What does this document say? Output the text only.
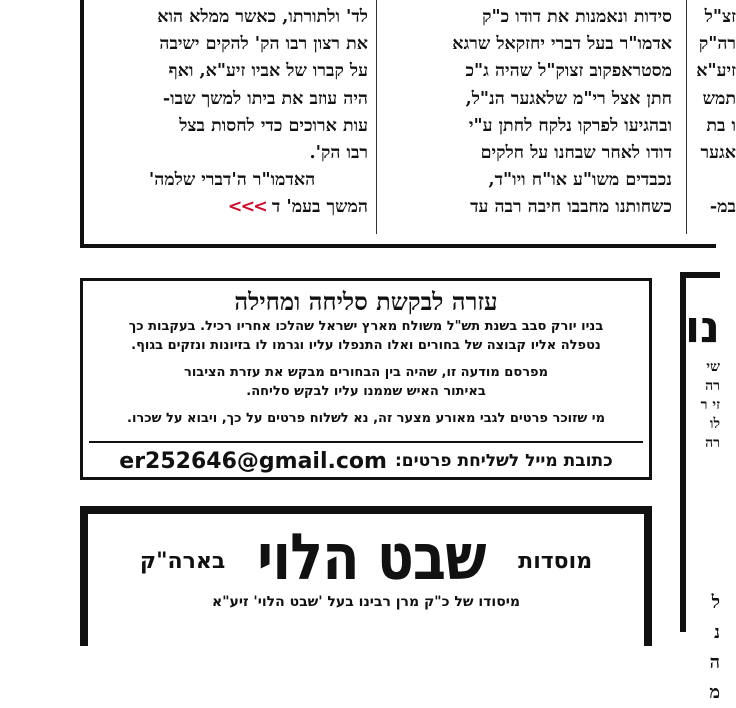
לד' ולתורתו, כאשר ממלא הוא

את רצון רבו הק' להקים ישיבה

על קברו של אביו זיע"א, ואף

היה עוזב את ביתו למשך שבו-

עות ארוכים כדי לחסות בצל

רבו הק'.

האדמו"ר ה'דברי שלמה'

המשך בעמ' ד >>>

סידות ונאמנות את דודו כ"ק

אדמו"ר בעל דברי יחזקאל שרגא

מסטראפקוב זצוק"ל שהיה ג"כ

חתן אצל רי"מ שלאגער הנ"ל,

ובהגיעו לפרקו נלקח לחתן ע"י

דודו לאחר שבחנו על חלקים

נכבדים משו"ע או"ח ויו"ד,

כשחותנו מחבבו חיבה רבה עד

זצ"ל

רה"ק

זיע"א

תמש

ו בת

אגער

במ-

עזרה לבקשת סליחה ומחילה
בניו יורק סבב בשנת תש"ל משולח מארץ ישראל שהלכו אחריו רכיל. בעקבות כך
נטפלה אליו קבוצה של בחורים ואלו התנפלו עליו וגרמו לו בזיונות ונזקים בגוף.
מפרסם מודעה זו, שהיה בין הבחורים מבקש את עזרת הציבור
באיתור האיש שממנו עליו לבקש סליחה.
מי שזוכר פרטים לגבי מאורע מצער זה, נא לשלוח פרטים על כך, ויבוא על שכרו.
כתובת מייל לשליחת פרטים:
er252646@gmail.com
מוסדות
שבט הלוי
בארה"ק
מיסודו של כ"ק מרן רבינו בעל 'שבט הלוי' זיע"א
נו
שי
רה
זי ר
לו
רה
ל
נ
ה
מ
